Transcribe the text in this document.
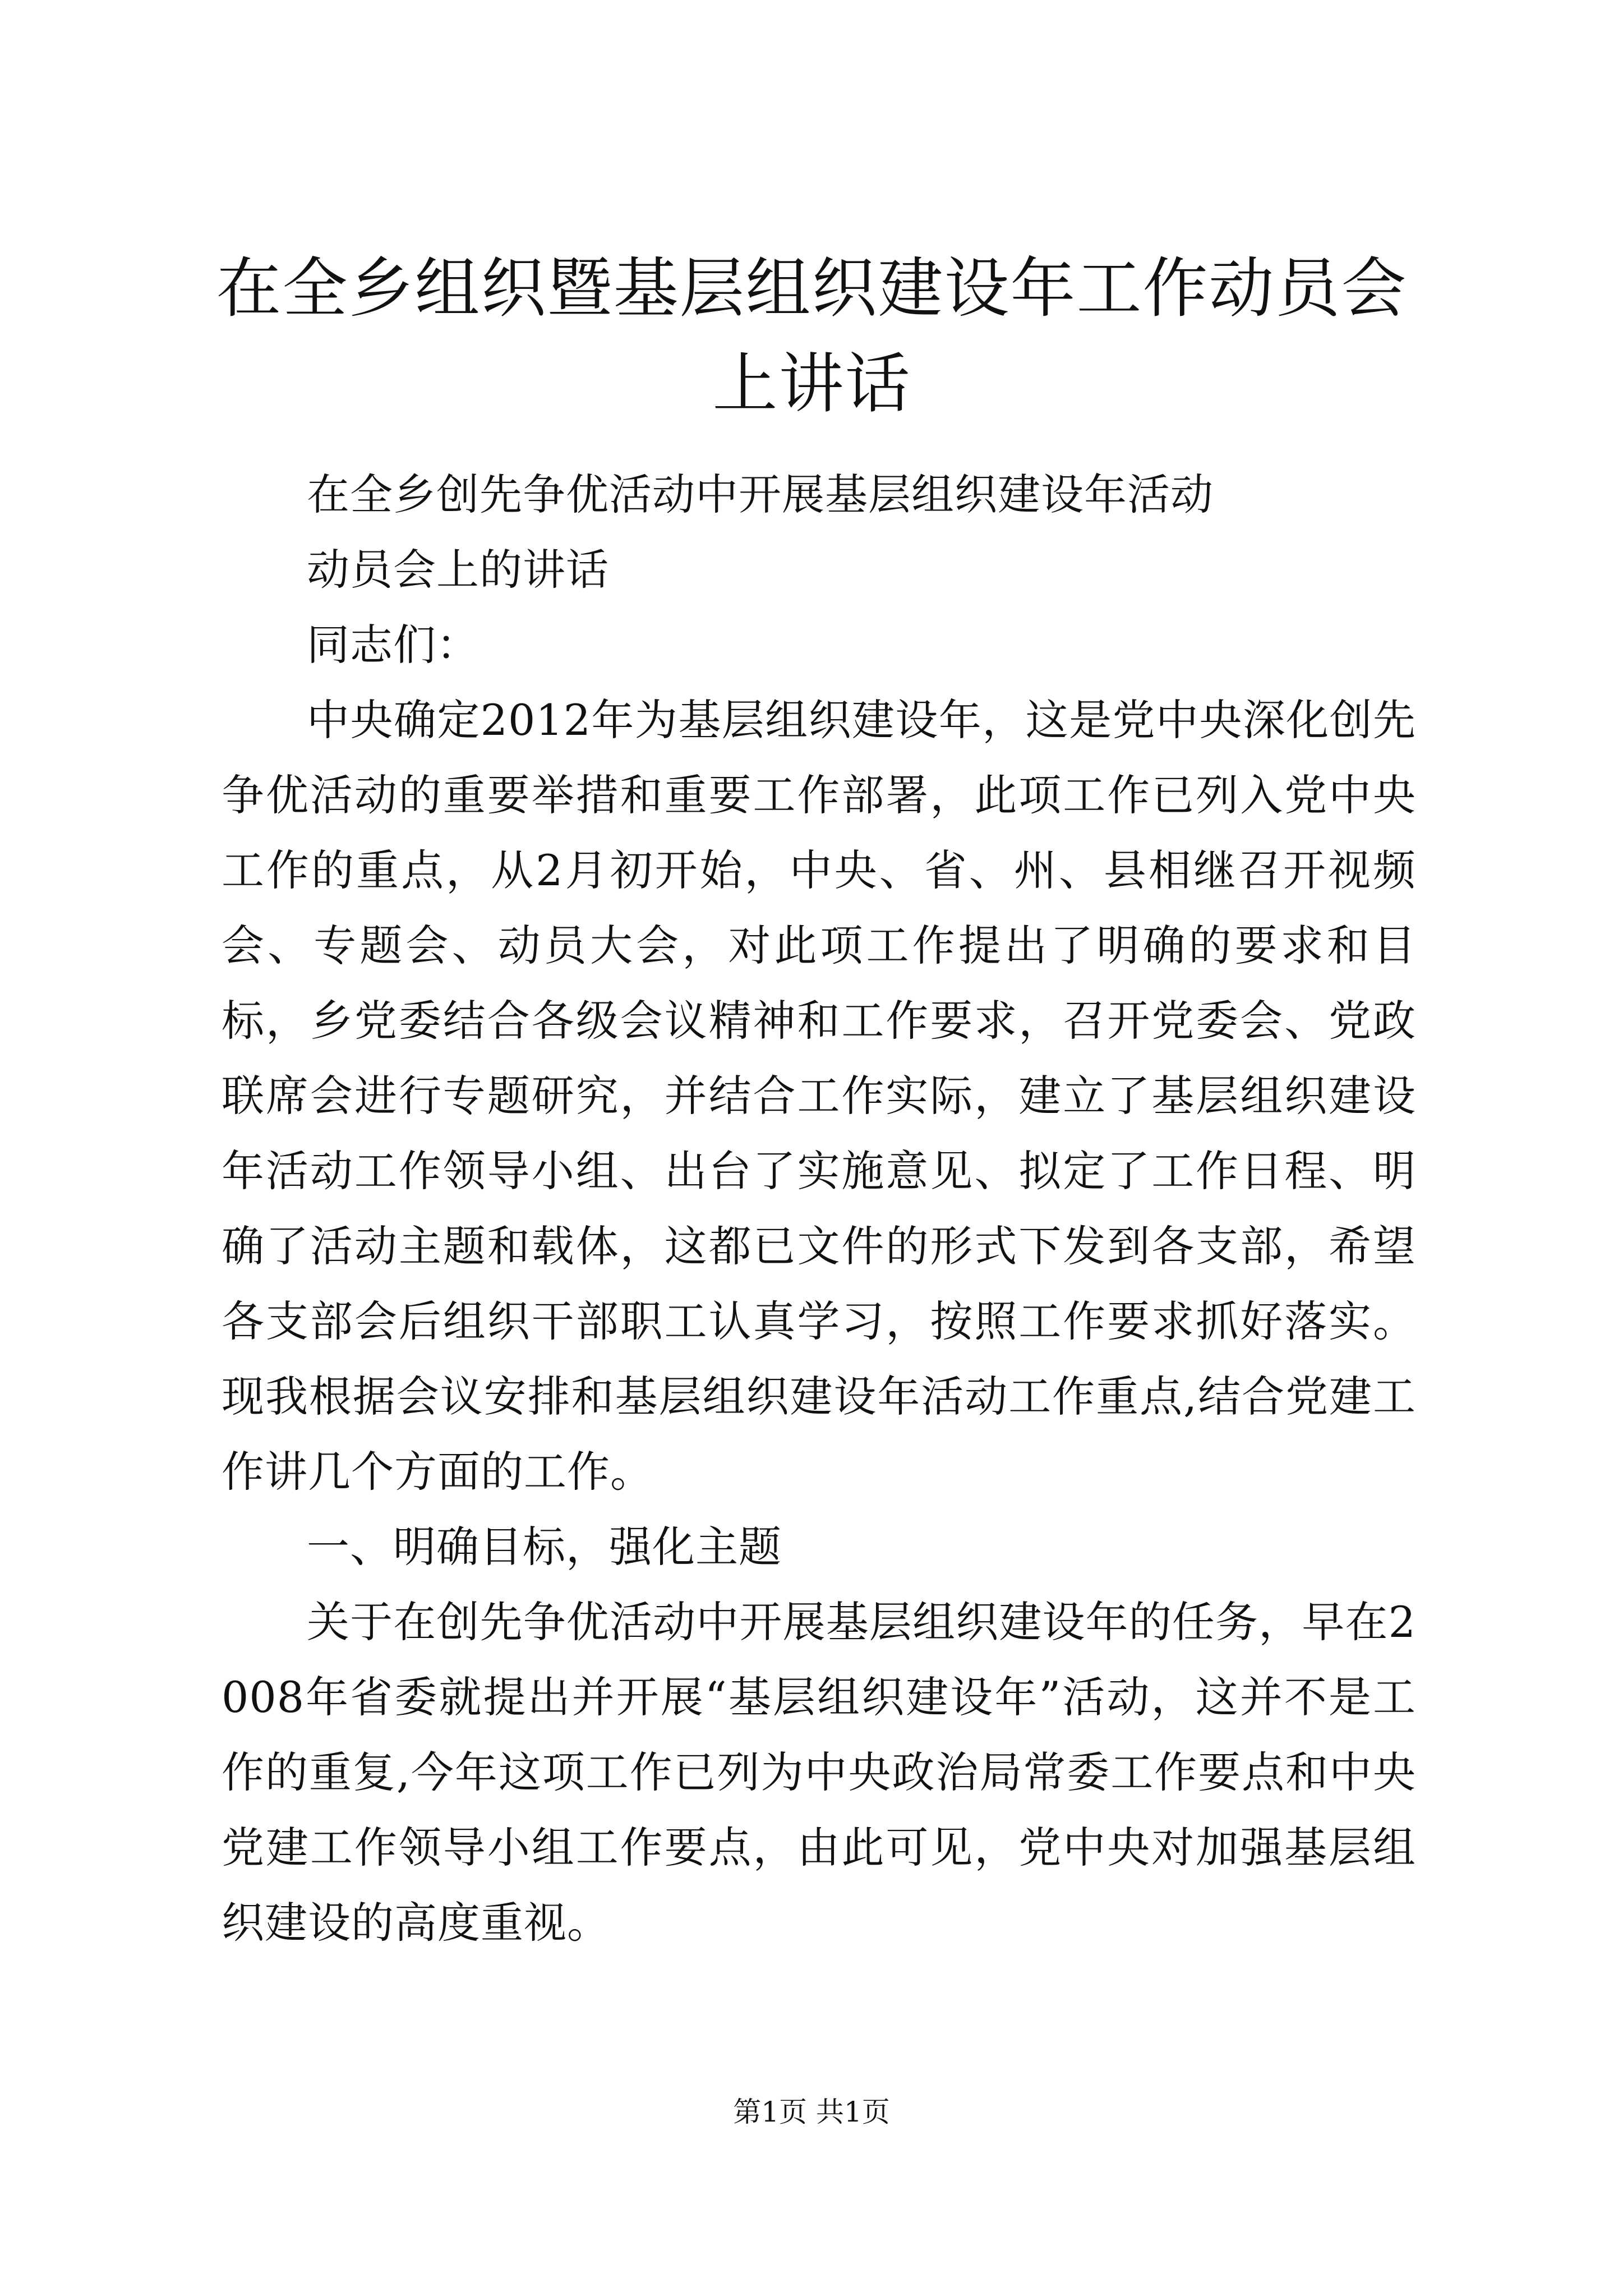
在全乡组织暨基层组织建设年工作动员会上讲话

在全乡创先争优活动中开展基层组织建设年活动

动员会上的讲话

同志们：

中央确定2012年为基层组织建设年，这是党中央深化创先争优活动的重要举措和重要工作部署，此项工作已列入党中央工作的重点，从2月初开始，中央、省、州、县相继召开视频会、专题会、动员大会，对此项工作提出了明确的要求和目标，乡党委结合各级会议精神和工作要求，召开党委会、党政联席会进行专题研究，并结合工作实际，建立了基层组织建设年活动工作领导小组、出台了实施意见、拟定了工作日程、明确了活动主题和载体，这都已文件的形式下发到各支部，希望各支部会后组织干部职工认真学习，按照工作要求抓好落实。现我根据会议安排和基层组织建设年活动工作重点,结合党建工作讲几个方面的工作。

一、明确目标，强化主题

关于在创先争优活动中开展基层组织建设年的任务，早在2008年省委就提出并开展“基层组织建设年”活动，这并不是工作的重复,今年这项工作已列为中央政治局常委工作要点和中央党建工作领导小组工作要点，由此可见，党中央对加强基层组织建设的高度重视。

第1页 共1页
